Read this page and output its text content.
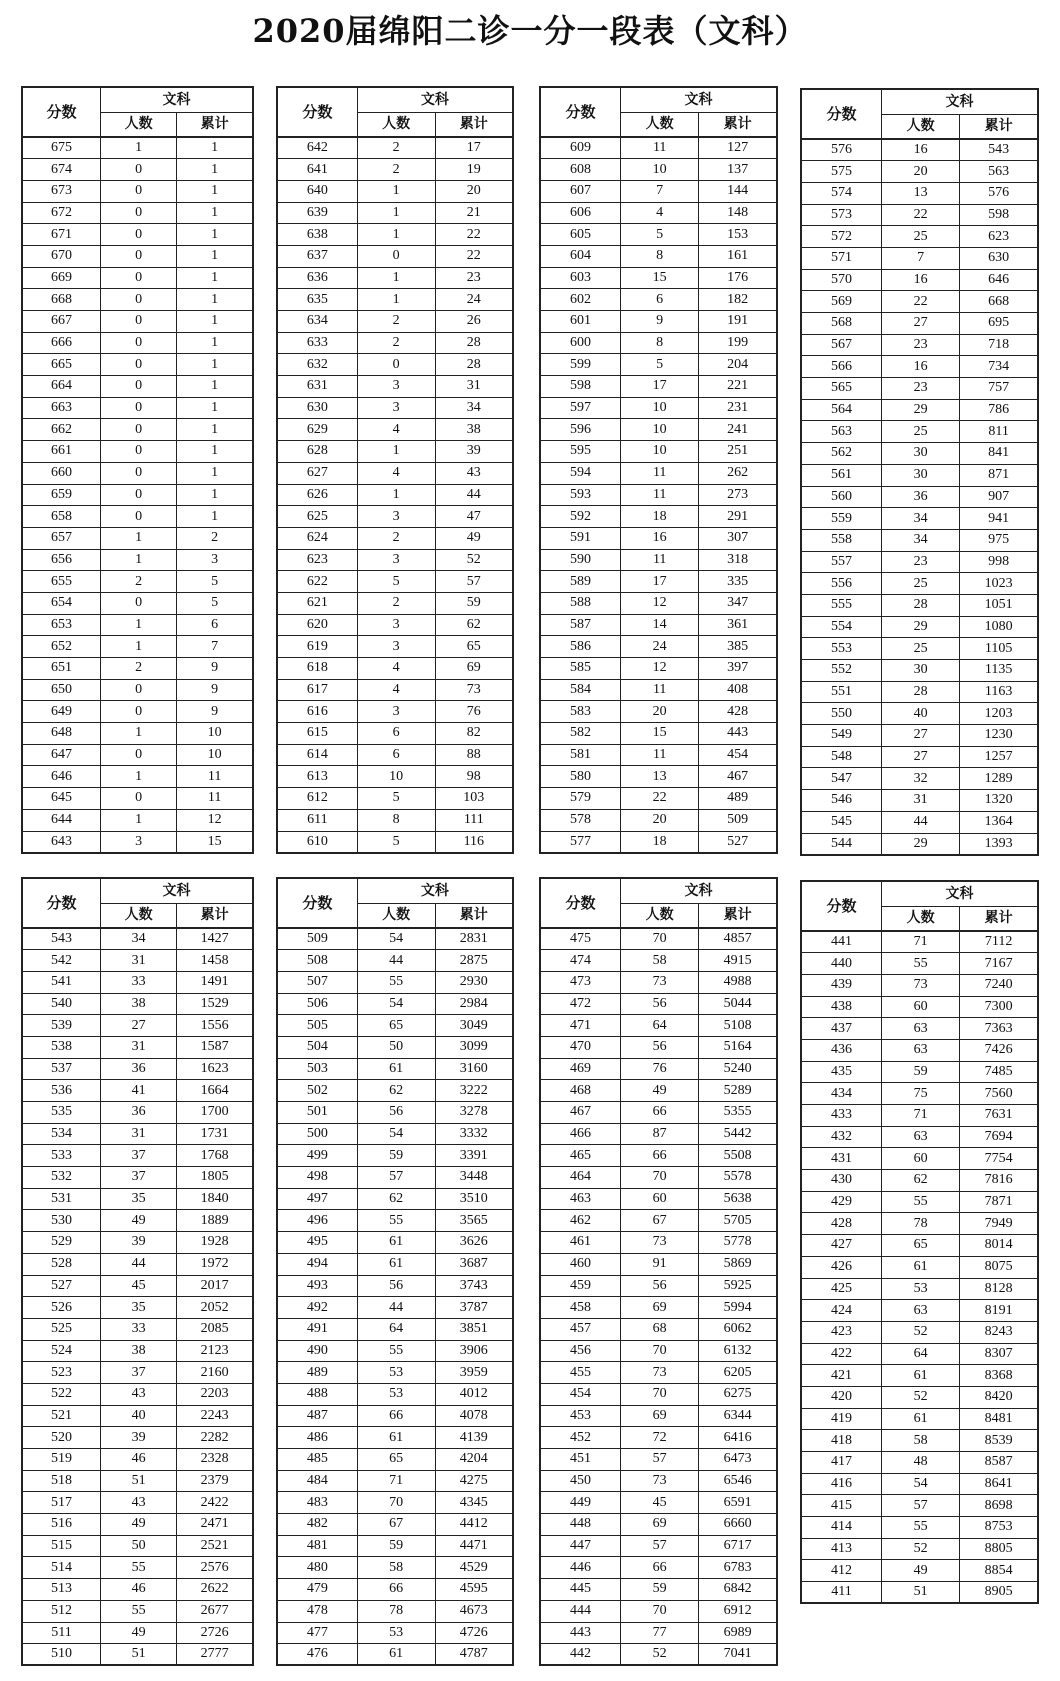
2020届绵阳二诊一分一段表（文科）
分数	文科	
	人数	累计
675	1	1
674	0	1
673	0	1
672	0	1
671	0	1
670	0	1
669	0	1
668	0	1
667	0	1
666	0	1
665	0	1
664	0	1
663	0	1
662	0	1
661	0	1
660	0	1
659	0	1
658	0	1
657	1	2
656	1	3
655	2	5
654	0	5
653	1	6
652	1	7
651	2	9
650	0	9
649	0	9
648	1	10
647	0	10
646	1	11
645	0	11
644	1	12
643	3	15
分数	文科	
	人数	累计
642	2	17
641	2	19
640	1	20
639	1	21
638	1	22
637	0	22
636	1	23
635	1	24
634	2	26
633	2	28
632	0	28
631	3	31
630	3	34
629	4	38
628	1	39
627	4	43
626	1	44
625	3	47
624	2	49
623	3	52
622	5	57
621	2	59
620	3	62
619	3	65
618	4	69
617	4	73
616	3	76
615	6	82
614	6	88
613	10	98
612	5	103
611	8	111
610	5	116
分数	文科	
	人数	累计
609	11	127
608	10	137
607	7	144
606	4	148
605	5	153
604	8	161
603	15	176
602	6	182
601	9	191
600	8	199
599	5	204
598	17	221
597	10	231
596	10	241
595	10	251
594	11	262
593	11	273
592	18	291
591	16	307
590	11	318
589	17	335
588	12	347
587	14	361
586	24	385
585	12	397
584	11	408
583	20	428
582	15	443
581	11	454
580	13	467
579	22	489
578	20	509
577	18	527
分数	文科	
	人数	累计
576	16	543
575	20	563
574	13	576
573	22	598
572	25	623
571	7	630
570	16	646
569	22	668
568	27	695
567	23	718
566	16	734
565	23	757
564	29	786
563	25	811
562	30	841
561	30	871
560	36	907
559	34	941
558	34	975
557	23	998
556	25	1023
555	28	1051
554	29	1080
553	25	1105
552	30	1135
551	28	1163
550	40	1203
549	27	1230
548	27	1257
547	32	1289
546	31	1320
545	44	1364
544	29	1393
分数	文科	
	人数	累计
543	34	1427
542	31	1458
541	33	1491
540	38	1529
539	27	1556
538	31	1587
537	36	1623
536	41	1664
535	36	1700
534	31	1731
533	37	1768
532	37	1805
531	35	1840
530	49	1889
529	39	1928
528	44	1972
527	45	2017
526	35	2052
525	33	2085
524	38	2123
523	37	2160
522	43	2203
521	40	2243
520	39	2282
519	46	2328
518	51	2379
517	43	2422
516	49	2471
515	50	2521
514	55	2576
513	46	2622
512	55	2677
511	49	2726
510	51	2777
分数	文科	
	人数	累计
509	54	2831
508	44	2875
507	55	2930
506	54	2984
505	65	3049
504	50	3099
503	61	3160
502	62	3222
501	56	3278
500	54	3332
499	59	3391
498	57	3448
497	62	3510
496	55	3565
495	61	3626
494	61	3687
493	56	3743
492	44	3787
491	64	3851
490	55	3906
489	53	3959
488	53	4012
487	66	4078
486	61	4139
485	65	4204
484	71	4275
483	70	4345
482	67	4412
481	59	4471
480	58	4529
479	66	4595
478	78	4673
477	53	4726
476	61	4787
分数	文科	
	人数	累计
475	70	4857
474	58	4915
473	73	4988
472	56	5044
471	64	5108
470	56	5164
469	76	5240
468	49	5289
467	66	5355
466	87	5442
465	66	5508
464	70	5578
463	60	5638
462	67	5705
461	73	5778
460	91	5869
459	56	5925
458	69	5994
457	68	6062
456	70	6132
455	73	6205
454	70	6275
453	69	6344
452	72	6416
451	57	6473
450	73	6546
449	45	6591
448	69	6660
447	57	6717
446	66	6783
445	59	6842
444	70	6912
443	77	6989
442	52	7041
分数	文科	
	人数	累计
441	71	7112
440	55	7167
439	73	7240
438	60	7300
437	63	7363
436	63	7426
435	59	7485
434	75	7560
433	71	7631
432	63	7694
431	60	7754
430	62	7816
429	55	7871
428	78	7949
427	65	8014
426	61	8075
425	53	8128
424	63	8191
423	52	8243
422	64	8307
421	61	8368
420	52	8420
419	61	8481
418	58	8539
417	48	8587
416	54	8641
415	57	8698
414	55	8753
413	52	8805
412	49	8854
411	51	8905
